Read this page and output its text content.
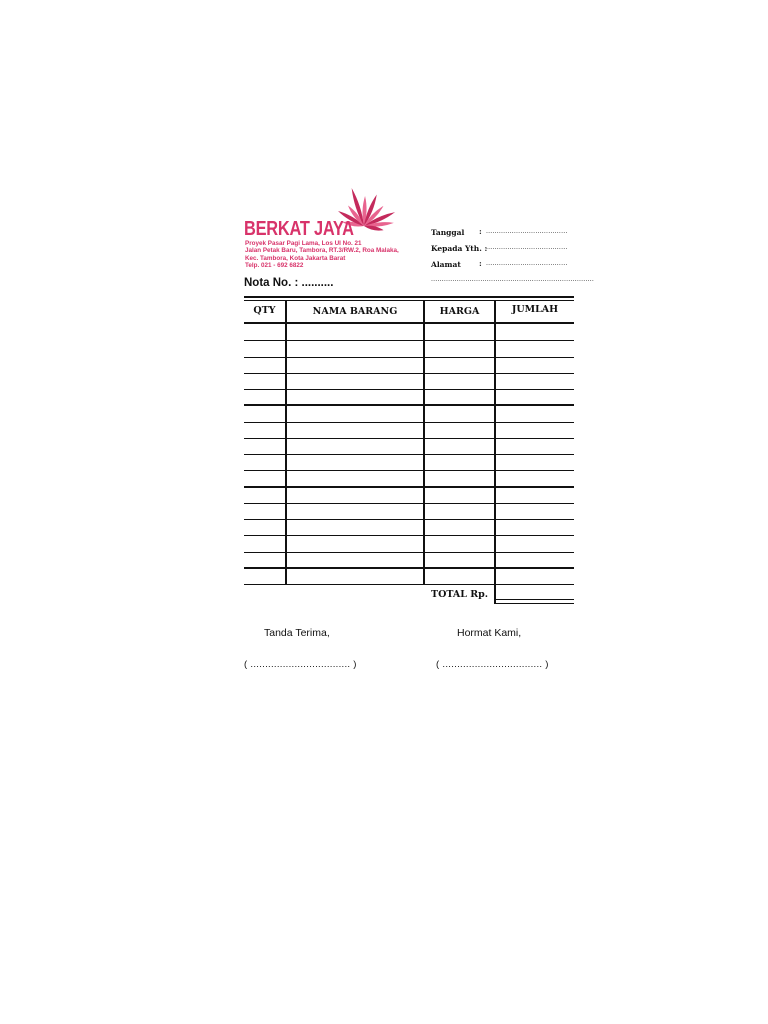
BERKAT JAYA
Proyek Pasar Pagi Lama, Los UI No. 21
Jalan Petak Baru, Tambora, RT.3/RW.2, Roa Malaka,
Kec. Tambora, Kota Jakarta Barat
Telp. 021 - 692 6822
Nota No. : ..........
Tanggal : ......................................
Kepada Yth. :
......................................
Alamat : ......................................
............................................................................
QTY	NAMA BARANG	HARGA	JUMLAH
TOTAL Rp.
Tanda Terima,
( .................................. )
Hormat Kami,
( .................................. )
